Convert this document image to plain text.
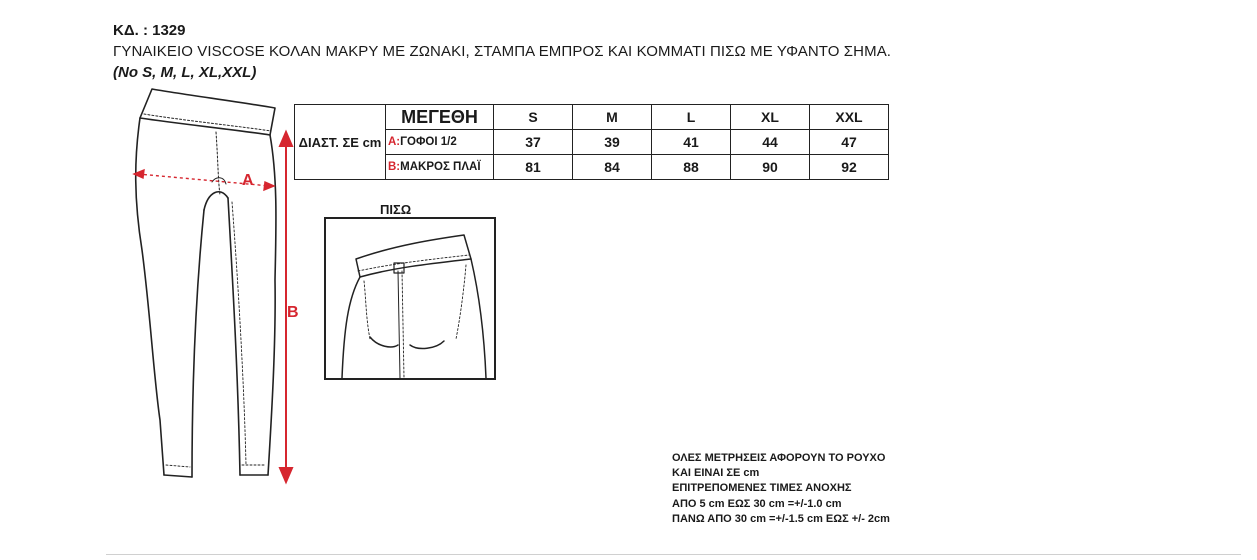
ΚΔ. : 1329
ΓΥΝΑΙΚΕΙΟ VISCOSE ΚΟΛΑΝ ΜΑΚΡΥ ΜΕ ΖΩΝΑΚΙ, ΣΤΑΜΠΑ ΕΜΠΡΟΣ ΚΑΙ ΚΟΜΜΑΤΙ ΠΙΣΩ ΜΕ ΥΦΑΝΤΟ ΣΗΜΑ.
(No S, M, L, XL,XXL)
A
B
ΔΙΑΣΤ. ΣΕ cm	ΜΕΓΕΘΗ	S	M	L	XL	XXL
	A:ΓΟΦΟΙ 1/2	37	39	41	44	47
	B:ΜΑΚΡΟΣ ΠΛΑΪ	81	84	88	90	92
ΠΙΣΩ
ΟΛΕΣ ΜΕΤΡΗΣΕΙΣ ΑΦΟΡΟΥΝ ΤΟ ΡΟΥΧΟ
ΚΑΙ ΕΙΝΑΙ ΣΕ cm
ΕΠΙΤΡΕΠΟΜΕΝΕΣ ΤΙΜΕΣ ΑΝΟΧΗΣ
ΑΠΟ 5 cm ΕΩΣ 30 cm =+/-1.0 cm
ΠΑΝΩ ΑΠΟ 30 cm =+/-1.5 cm ΕΩΣ +/- 2cm
